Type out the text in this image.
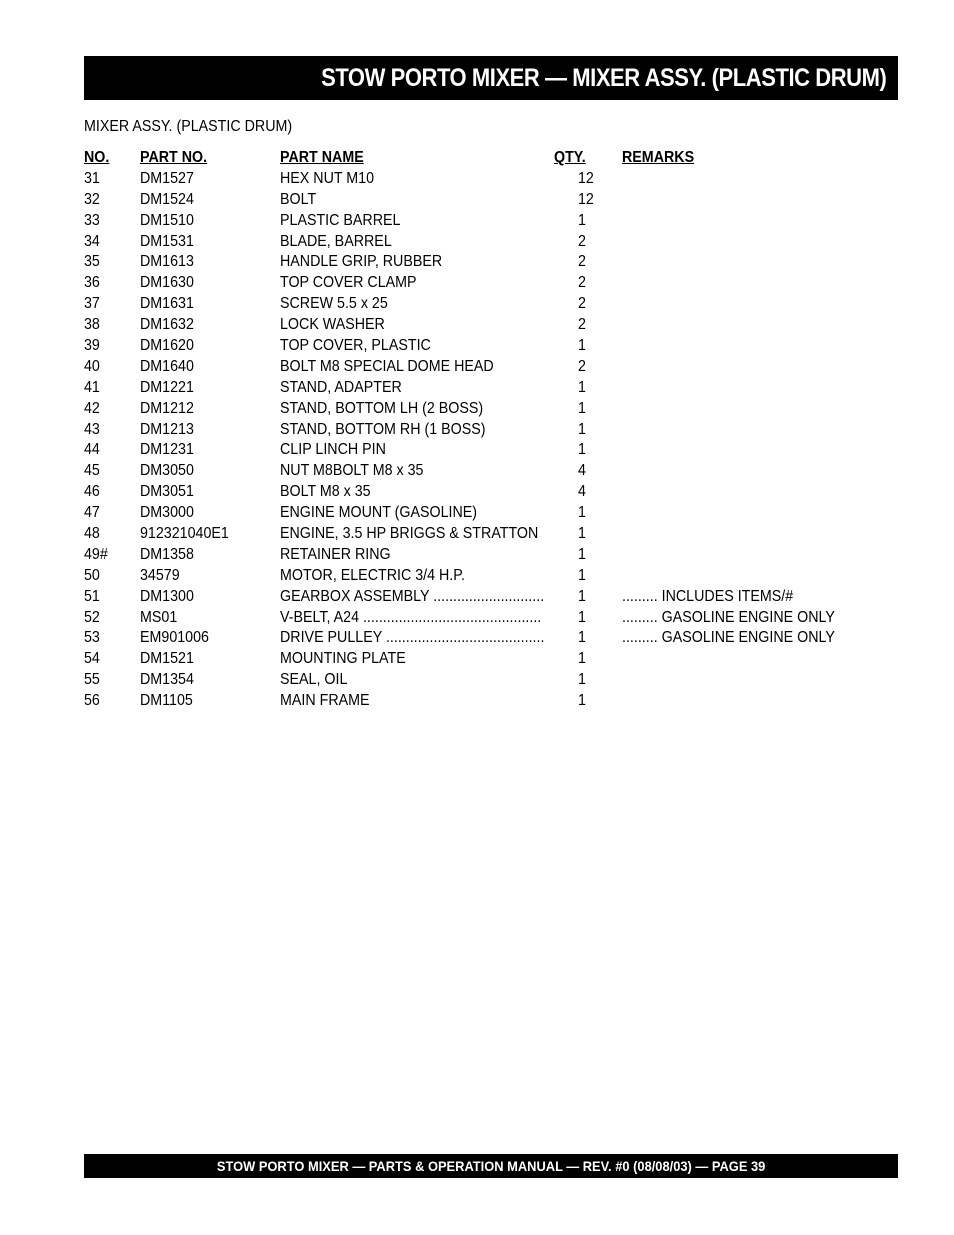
STOW PORTO MIXER — MIXER ASSY. (PLASTIC DRUM)
MIXER ASSY. (PLASTIC DRUM)
NO. PART NO.	PART NAME	QTY. REMARKS
31	DM1527	HEX NUT M10	12
32	DM1524	BOLT	12
33	DM1510	PLASTIC BARREL	1
34	DM1531	BLADE, BARREL	2
35	DM1613	HANDLE GRIP, RUBBER	2
36	DM1630	TOP COVER CLAMP	2
37	DM1631	SCREW 5.5 x 25	2
38	DM1632	LOCK WASHER	2
39	DM1620	TOP COVER, PLASTIC	1
40	DM1640	BOLT M8 SPECIAL DOME HEAD	2
41	DM1221	STAND, ADAPTER	1
42	DM1212	STAND, BOTTOM LH (2 BOSS)	1
43	DM1213	STAND, BOTTOM RH (1 BOSS)	1
44	DM1231	CLIP LINCH PIN	1
45	DM3050	NUT M8BOLT M8 x 35	4
46	DM3051	BOLT M8 x 35	4
47	DM3000	ENGINE MOUNT (GASOLINE)	1
48	912321040E1	ENGINE, 3.5 HP BRIGGS & STRATTON	1
49# DM1358	RETAINER RING	1
50	34579	MOTOR, ELECTRIC 3/4 H.P.	1
51	DM1300	GEARBOX ASSEMBLY ............................ 1 ......... INCLUDES ITEMS/#
52	MS01	V-BELT, A24 ............................................. 1 ......... GASOLINE ENGINE ONLY
53	EM901006	DRIVE PULLEY ........................................ 1 ......... GASOLINE ENGINE ONLY
54	DM1521	MOUNTING PLATE	1
55	DM1354	SEAL, OIL	1
56	DM1105	MAIN FRAME	1
STOW PORTO MIXER — PARTS & OPERATION MANUAL — REV. #0 (08/08/03) — PAGE 39
